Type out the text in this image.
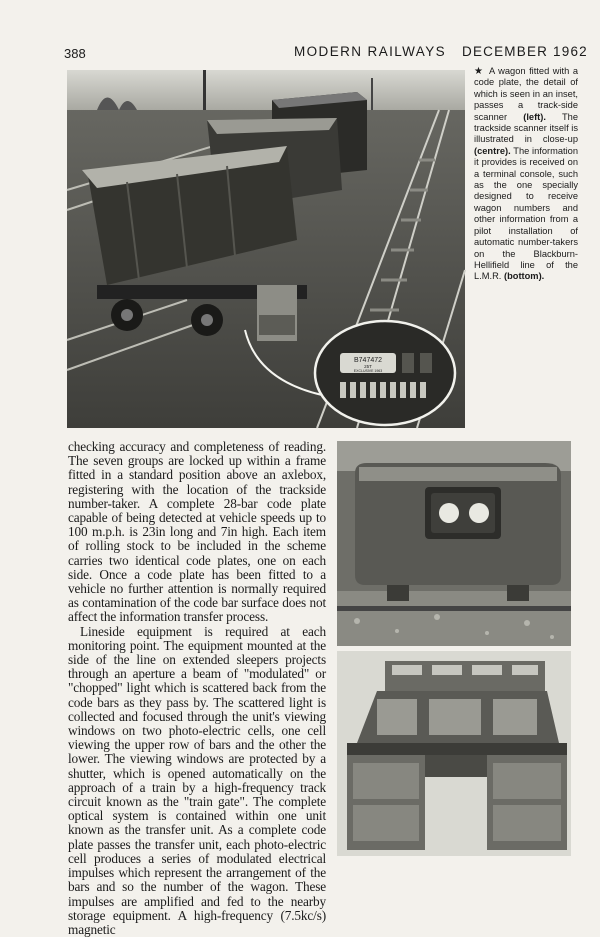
388	MODERN RAILWAYS DECEMBER 1962
B747472
25T
EXCLUSIVE 1963
★ A wagon fitted with a code plate, the detail of which is seen in an inset, passes a track-side scanner (left). The trackside scanner itself is illustrated in close-up (centre). The information it provides is received on a terminal console, such as the one specially designed to receive wagon numbers and other information from a pilot installation of automatic number-takers on the Blackburn-Hellifield line of the L.M.R. (bottom).

checking accuracy and completeness of reading. The seven groups are locked up within a frame fitted in a standard position above an axlebox, registering with the location of the trackside number-taker. A complete 28-bar code plate capable of being detected at vehicle speeds up to 100 m.p.h. is 23in long and 7in high. Each item of rolling stock to be included in the scheme carries two identical code plates, one on each side. Once a code plate has been fitted to a vehicle no further attention is normally required as contamination of the code bar surface does not affect the information transfer process.

Lineside equipment is required at each monitoring point. The equipment mounted at the side of the line on extended sleepers projects through an aperture a beam of "modulated" or "chopped" light which is scattered back from the code bars as they pass by. The scattered light is collected and focused through the unit's viewing windows on two photo-electric cells, one cell viewing the upper row of bars and the other the lower. The viewing windows are protected by a shutter, which is opened automatically on the approach of a train by a high-frequency track circuit known as the "train gate". The complete optical system is contained within one unit known as the transfer unit. As a complete code plate passes the transfer unit, each photo-electric cell produces a series of modulated electrical impulses which represent the arrangement of the bars and so the number of the wagon. These impulses are amplified and fed to the nearby storage equipment. A high-frequency (7.5kc/s) magnetic
